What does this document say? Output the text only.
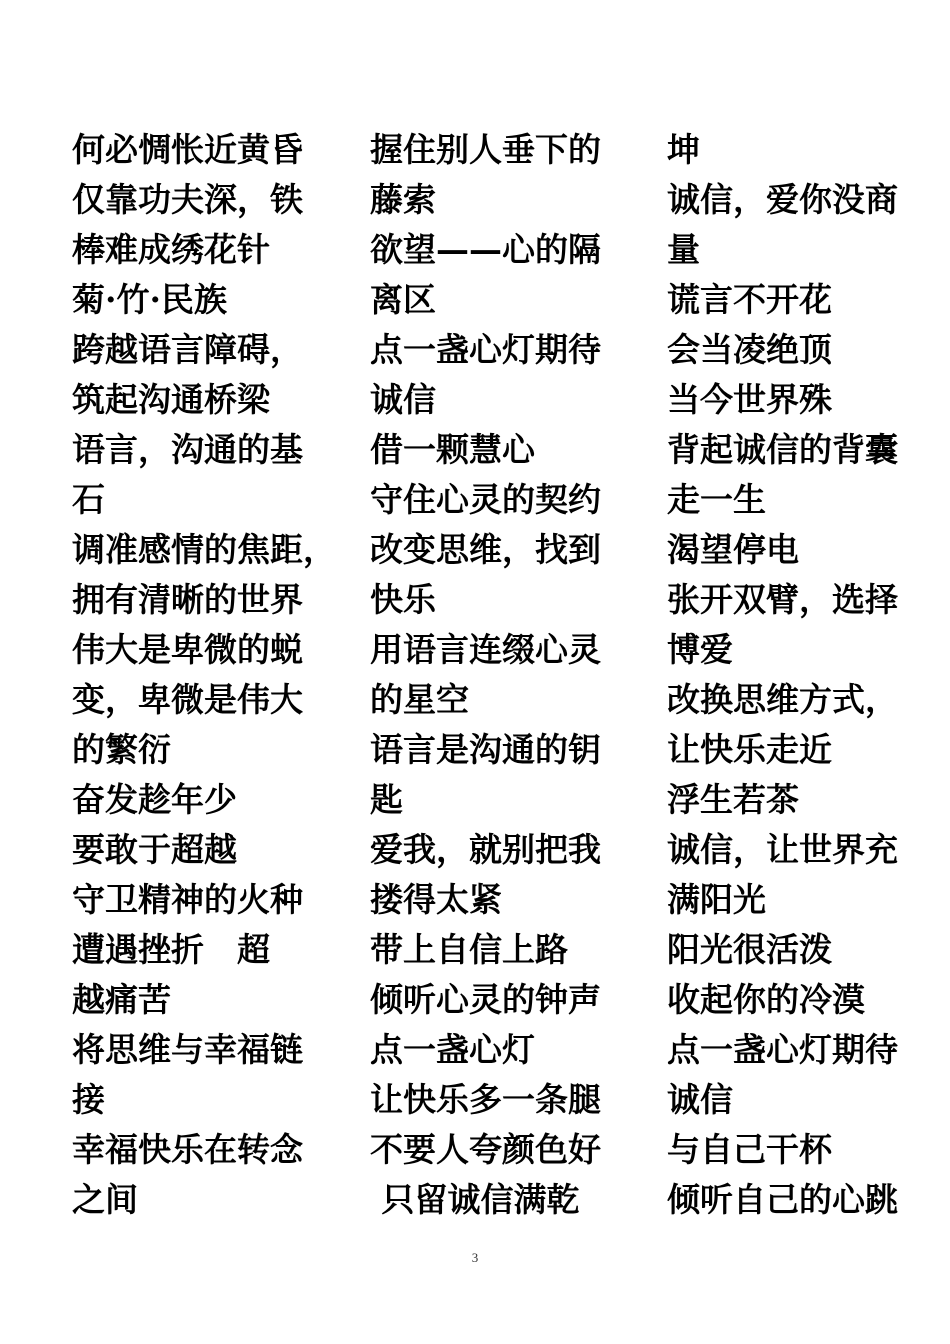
何必惆怅近黄昏
仅靠功夫深，铁
棒难成绣花针
菊·竹·民族
跨越语言障碍，
筑起沟通桥梁
语言，沟通的基
石
调准感情的焦距，
拥有清晰的世界
伟大是卑微的蜕
变，卑微是伟大
的繁衍
奋发趁年少
要敢于超越
守卫精神的火种
遭遇挫折　超
越痛苦
将思维与幸福链
接
幸福快乐在转念
之间
握住别人垂下的
藤索
欲望——心的隔
离区
点一盏心灯期待
诚信
借一颗慧心
守住心灵的契约
改变思维，找到
快乐
用语言连缀心灵
的星空
语言是沟通的钥
匙
爱我，就别把我
搂得太紧
带上自信上路
倾听心灵的钟声
点一盏心灯
让快乐多一条腿
不要人夸颜色好
只留诚信满乾
坤
诚信，爱你没商
量
谎言不开花
会当凌绝顶
当今世界殊
背起诚信的背囊
走一生
渴望停电
张开双臂，选择
博爱
改换思维方式，
让快乐走近
浮生若茶
诚信，让世界充
满阳光
阳光很活泼
收起你的冷漠
点一盏心灯期待
诚信
与自己干杯
倾听自己的心跳
3
